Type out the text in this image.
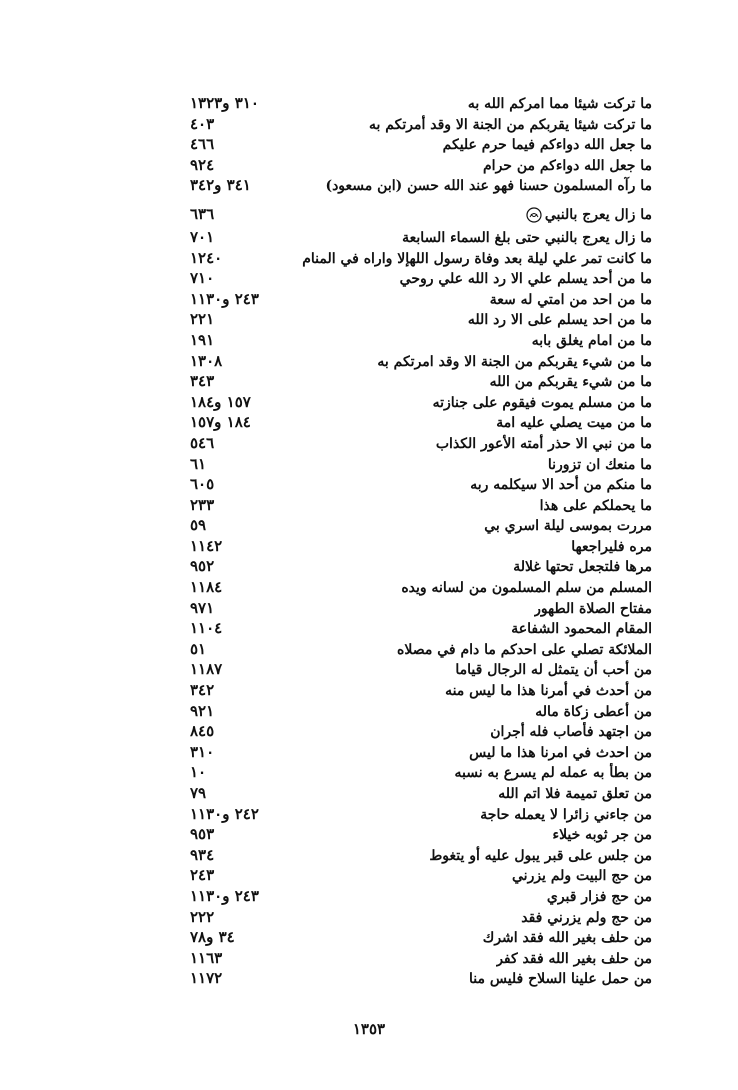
ما تركت شيئا مما امركم الله به
٣١٠ و١٣٢٣
ما تركت شيئا يقربكم من الجنة الا وقد أمرتكم به
٤٠٣
ما جعل الله دواءكم فيما حرم عليكم
٤٦٦
ما جعل الله دواءكم من حرام
٩٢٤
ما رآه المسلمون حسنا فهو عند الله حسن (ابن مسعود)
٣٤١ و٣٤٢
ما زال يعرج بالنبي
٦٣٦
ما زال يعرج بالنبي حتى بلغ السماء السابعة
٧٠١
ما كانت تمر علي ليلة بعد وفاة رسول اللهإلا واراه في المنام
١٢٤٠
ما من أحد يسلم علي الا رد الله علي روحي
٧١٠
ما من احد من امتي له سعة
٢٤٣ و١١٣٠
ما من احد يسلم على الا رد الله
٢٢١
ما من امام يغلق بابه
١٩١
ما من شيء يقربكم من الجنة الا وقد امرتكم به
١٣٠٨
ما من شيء يقربكم من الله
٣٤٣
ما من مسلم يموت فيقوم على جنازته
١٥٧ و١٨٤
ما من ميت يصلي عليه امة
١٨٤ و١٥٧
ما من نبي الا حذر أمته الأعور الكذاب
٥٤٦
ما منعك ان تزورنا
٦١
ما منكم من أحد الا سيكلمه ربه
٦٠٥
ما يحملكم على هذا
٢٣٣
مررت بموسى ليلة اسري بي
٥٩
مره فليراجعها
١١٤٢
مرها فلتجعل تحتها غلالة
٩٥٢
المسلم من سلم المسلمون من لسانه ويده
١١٨٤
مفتاح الصلاة الطهور
٩٧١
المقام المحمود الشفاعة
١١٠٤
الملائكة تصلي على احدكم ما دام في مصلاه
٥١
من أحب أن يتمثل له الرجال قياما
١١٨٧
من أحدث في أمرنا هذا ما ليس منه
٣٤٢
من أعطى زكاة ماله
٩٢١
من اجتهد فأصاب فله أجران
٨٤٥
من احدث في امرنا هذا ما ليس
٣١٠
من بطأ به عمله لم يسرع به نسبه
١٠
من تعلق تميمة فلا اتم الله
٧٩
من جاءني زائرا لا يعمله حاجة
٢٤٢ و١١٣٠
من جر ثوبه خيلاء
٩٥٣
من جلس على قبر يبول عليه أو يتغوط
٩٣٤
من حج البيت ولم يزرني
٢٤٣
من حج فزار قبري
٢٤٣ و١١٣٠
من حج ولم يزرني فقد
٢٢٢
من حلف بغير الله فقد اشرك
٣٤ و٧٨
من حلف بغير الله فقد كفر
١١٦٣
من حمل علينا السلاح فليس منا
١١٧٢
١٣٥٣
